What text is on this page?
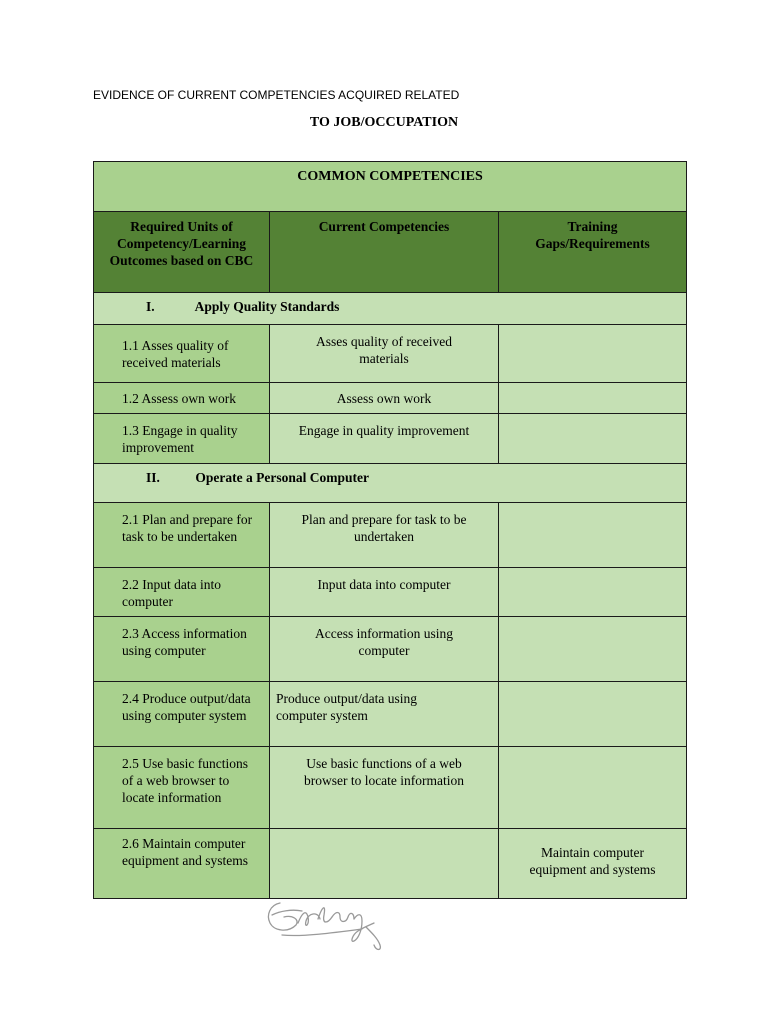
EVIDENCE OF CURRENT COMPETENCIES ACQUIRED RELATED
TO JOB/OCCUPATION
COMMON COMPETENCIES		

Required Units of Competency/Learning Outcomes based on CBC	Current Competencies	Training Gaps/Requirements

I. Apply Quality Standards		

1.1 Asses quality of received materials	Asses quality of received materials	

1.2 Assess own work	Assess own work	

1.3 Engage in quality improvement	Engage in quality improvement	

II. Operate a Personal Computer		

2.1 Plan and prepare for task to be undertaken	Plan and prepare for task to be undertaken	

2.2 Input data into computer	Input data into computer	

2.3 Access information using computer	Access information using computer	

2.4 Produce output/data using computer system	Produce output/data using computer system	

2.5 Use basic functions of a web browser to locate information	Use basic functions of a web browser to locate information	

2.6 Maintain computer equipment and systems		Maintain computer equipment and systems
